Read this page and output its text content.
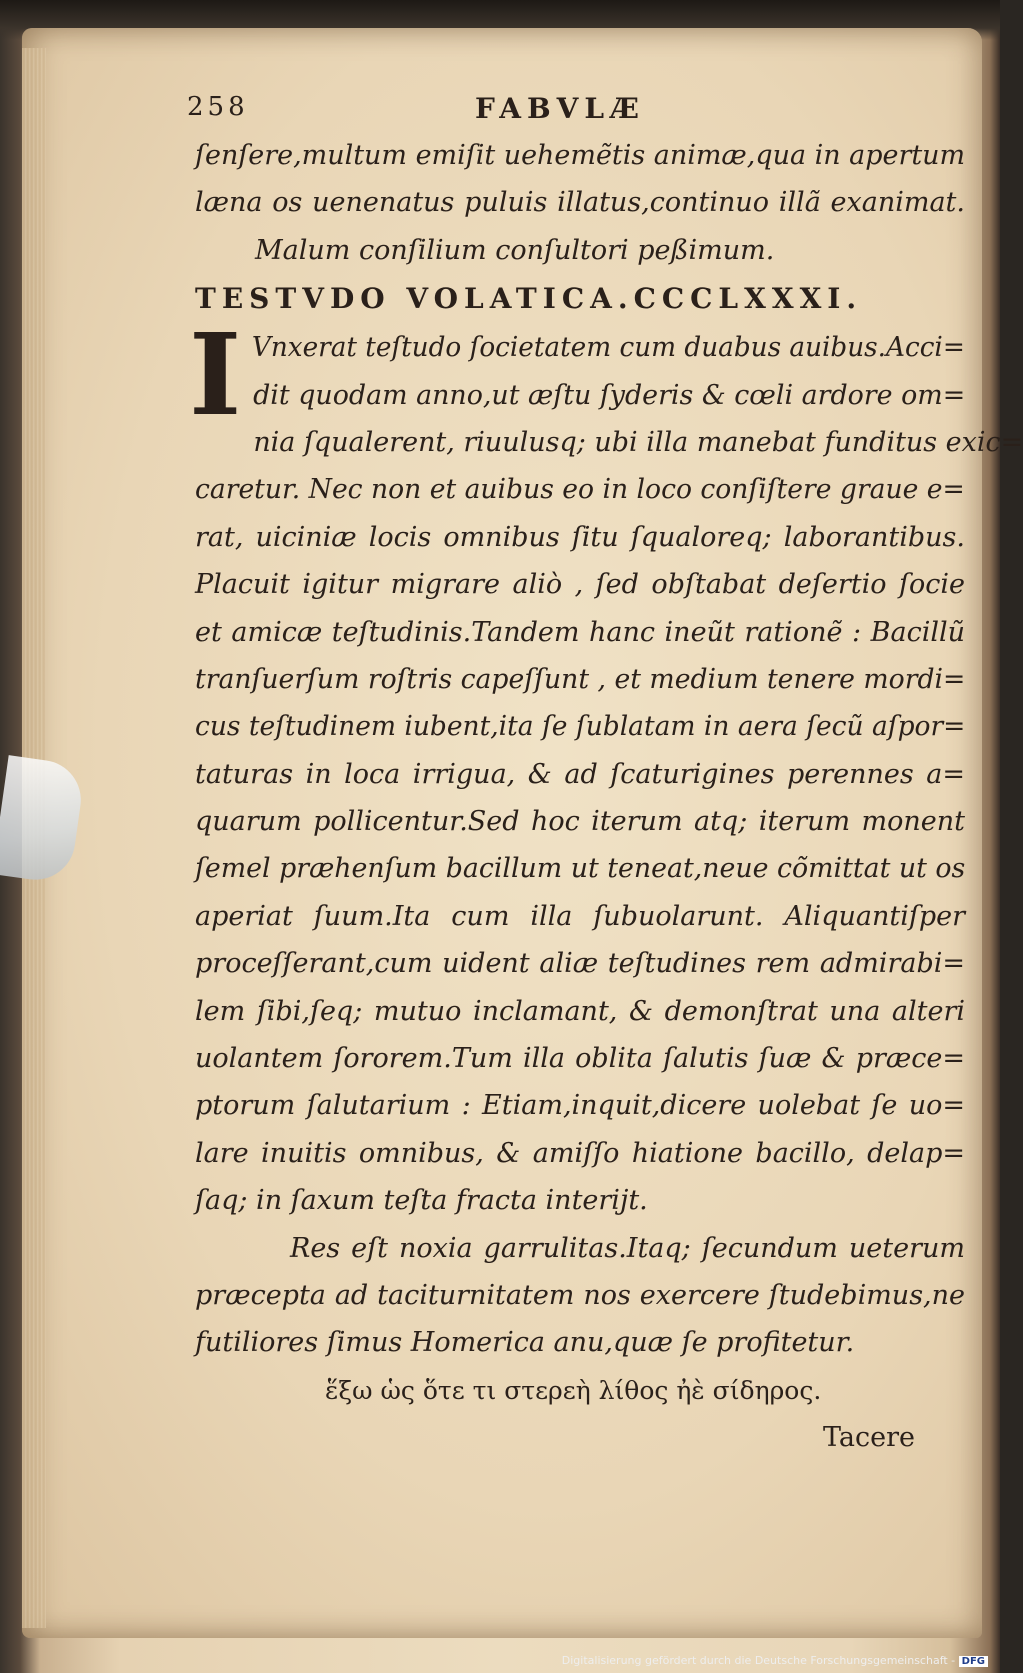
258	FABVLÆ
ſenſere,multum emiſit uehemẽtis animæ,qua in apertum
læna os uenenatus puluis illatus,continuo illã exanimat.
Malum conſilium conſultori peßimum.
TESTVDO VOLATICA.CCCLXXXI.
I Vnxerat teſtudo ſocietatem cum duabus auibus.Acci=
dit quodam anno,ut æſtu ſyderis & cœli ardore om=
nia ſqualerent, riuulusq; ubi illa manebat funditus exic=
caretur. Nec non et auibus eo in loco conſiſtere graue e=
rat, uiciniæ locis omnibus ſitu ſqualoreq; laborantibus.
Placuit igitur migrare aliò , ſed obſtabat deſertio ſocie
et amicæ teſtudinis.Tandem hanc ineũt rationẽ : Bacillũ
tranſuerſum roſtris capeſſunt , et medium tenere mordi=
cus teſtudinem iubent,ita ſe ſublatam in aera ſecũ aſpor=
taturas in loca irrigua, & ad ſcaturigines perennes a=
quarum pollicentur.Sed hoc iterum atq; iterum monent
ſemel præhenſum bacillum ut teneat,neue cõmittat ut os
aperiat ſuum.Ita cum illa ſubuolarunt. Aliquantiſper
proceſſerant,cum uident aliæ teſtudines rem admirabi=
lem ſibi,ſeq; mutuo inclamant, & demonſtrat una alteri
uolantem ſororem.Tum illa oblita ſalutis ſuæ & præce=
ptorum ſalutarium : Etiam,inquit,dicere uolebat ſe uo=
lare inuitis omnibus, & amiſſo hiatione bacillo, delap=
ſaq; in ſaxum teſta fracta interijt.
Res eſt noxia garrulitas.Itaq; ſecundum ueterum
præcepta ad taciturnitatem nos exercere ſtudebimus,ne
futiliores ſimus Homerica anu,quæ ſe profitetur.
ἕξω ὡς ὅτε τι στερεὴ λίθος ἠὲ σίδηρος.
Tacere
Digitalisierung gefördert durch die Deutsche Forschungsgemeinschaft - DFG
